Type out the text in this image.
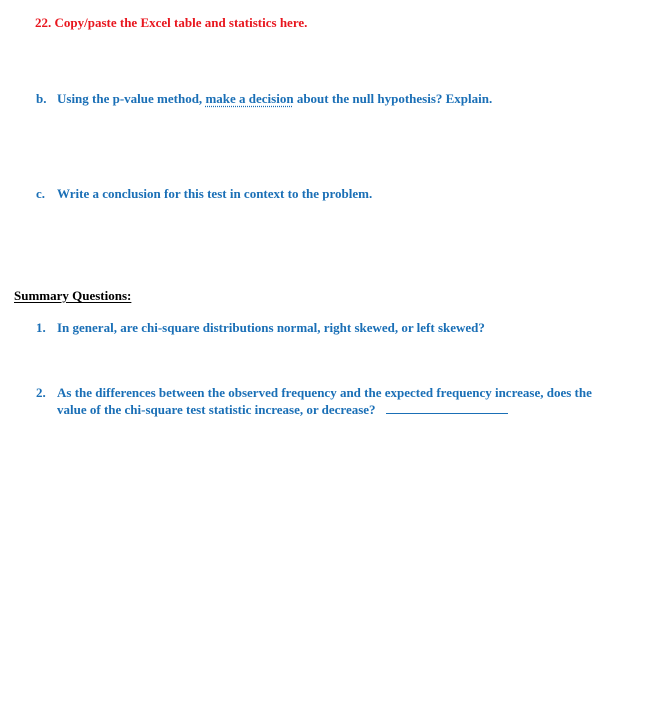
22. Copy/paste the Excel table and statistics here.
b. Using the p-value method, make a decision about the null hypothesis? Explain.
c. Write a conclusion for this test in context to the problem.
Summary Questions:
1. In general, are chi-square distributions normal, right skewed, or left skewed?
2. As the differences between the observed frequency and the expected frequency increase, does the
value of the chi-square test statistic increase, or decrease?
